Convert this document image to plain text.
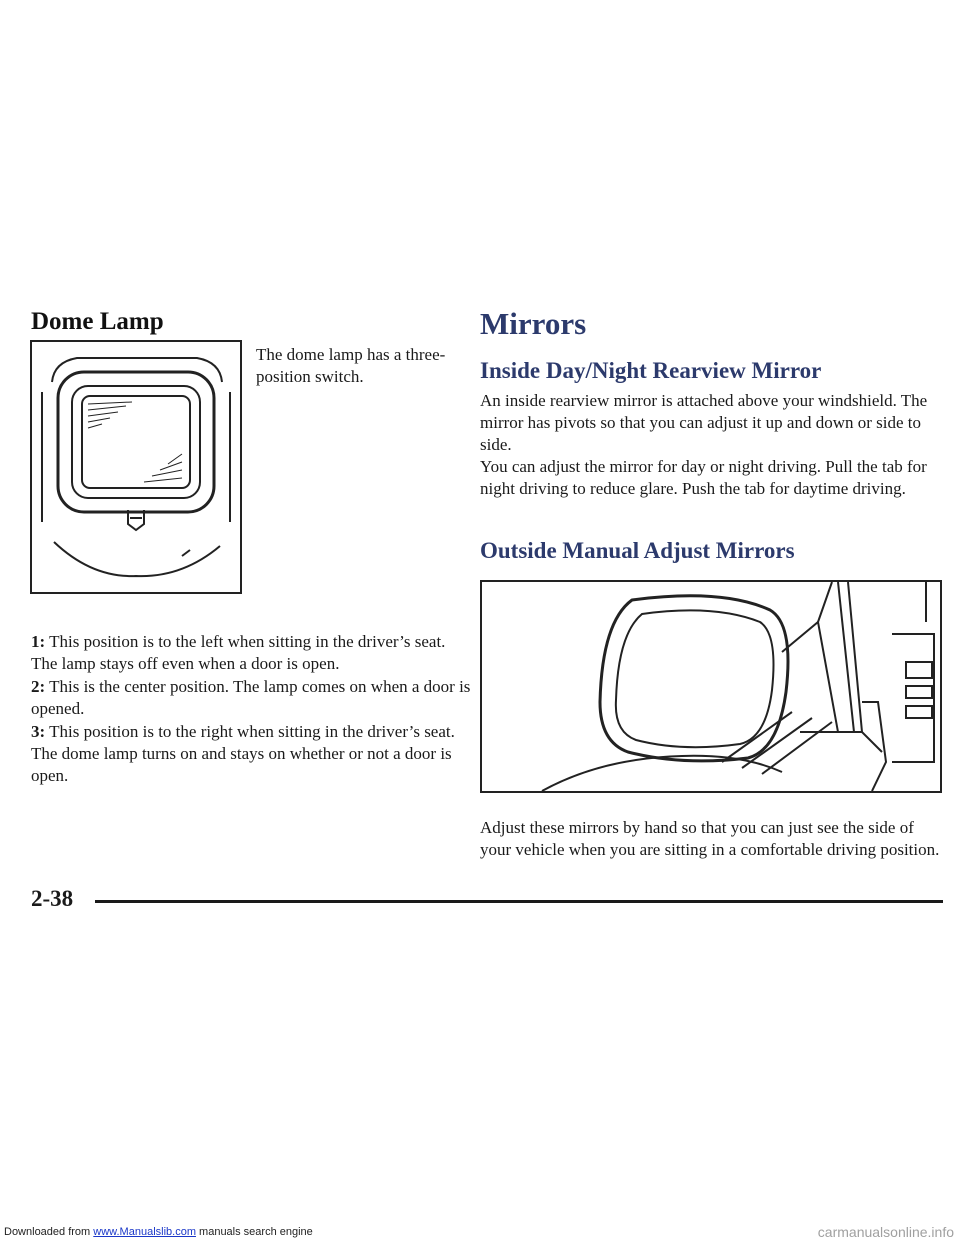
Dome Lamp

The dome lamp has a three-position switch.

1: This position is to the left when sitting in the driver’s seat. The lamp stays off even when a door is open.

2: This is the center position. The lamp comes on when a door is opened.

3: This position is to the right when sitting in the driver’s seat. The dome lamp turns on and stays on whether or not a door is open.

Mirrors
Inside Day/Night Rearview Mirror

An inside rearview mirror is attached above your windshield. The mirror has pivots so that you can adjust it up and down or side to side.

You can adjust the mirror for day or night driving. Pull the tab for night driving to reduce glare. Push the tab for daytime driving.

Outside Manual Adjust Mirrors

Adjust these mirrors by hand so that you can just see the side of your vehicle when you are sitting in a comfortable driving position.

2-38
Downloaded from www.Manualslib.com manuals search engine	carmanualsonline.info
